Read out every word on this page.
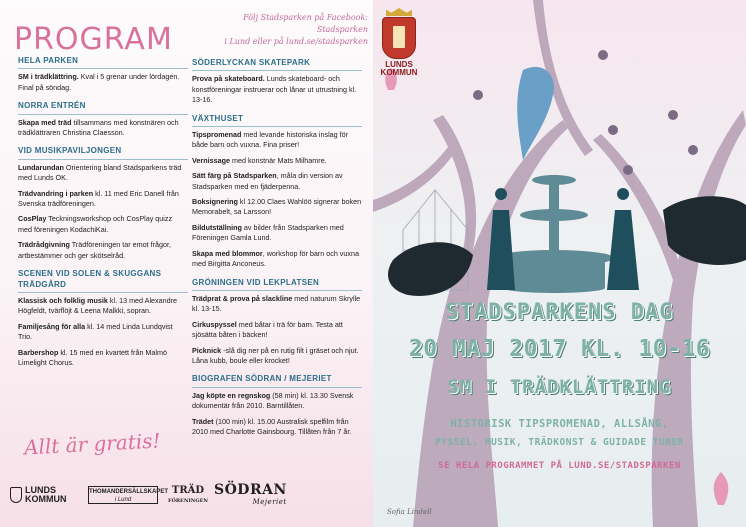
PROGRAM
Följ Stadsparken på Facebook: Stadsparken
i Lund eller på lund.se/stadsparken
HELA PARKEN
SM i trädklättring. Kval i 5 grenar under lördagen. Final på söndag.
NORRA ENTRÉN
Skapa med träd tillsammans med konstnären och trädklättraren Christina Claesson.
VID MUSIKPAVILJONGEN
Lundarundan Orientering bland Stadsparkens träd med Lunds OK.
Trädvandring i parken kl. 11 med Eric Danell från Svenska trädföreningen.
CosPlay Teckningsworkshop och CosPlay quizz med föreningen KodachiKai.
Trädrådgivning Trädföreningen tar emot frågor, artbestämmer och ger skötselråd.
SCENEN VID SOLEN & SKUGGANS TRÄDGÅRD
Klassisk och folklig musik kl. 13 med Alexandre Högfeldt, tvärflöjt & Leena Malkki, sopran.
Familjesång för alla kl. 14 med Linda Lundqvist Trio.
Barbershop kl. 15 med en kvartett från Malmö Limelight Chorus.
SÖDERLYCKAN SKATEPARK
Prova på skateboard. Lunds skateboard- och konstföreningar instruerar och lånar ut utrustning kl. 13-16.
VÄXTHUSET
Tipspromenad med levande historiska inslag för både barn och vuxna. Fina priser!
Vernissage med konstnär Mats Milhamre.
Sätt färg på Stadsparken, måla din version av Stadsparken med en fjäderpenna.
Boksignering kl 12.00 Claes Wahlöö signerar boken Memorabelt, sa Larsson!
Bildutställning av bilder från Stadsparken med Föreningen Gamla Lund.
Skapa med blommor, workshop för barn och vuxna med Birgitta Anconeus.
GRÖNINGEN VID LEKPLATSEN
Trädprat & prova på slackline med naturum Skrylle kl. 13-15.
Cirkuspyssel med båtar i trä för barn. Testa att sjösätta båten i bäcken!
Picknick -slå dig ner på en rutig filt i gräset och njut. Låna kubb, boule eller krocket!
BIOGRAFEN SÖDRAN / MEJERIET
Jag köpte en regnskog (58 min) kl. 13.30 Svensk dokumentär från 2010. Barntillåten.
Trädet (100 min) kl. 15.00 Australisk spelfilm från 2010 med Charlotte Gainsbourg. Tillåten från 7 år.
Allt är gratis!
LUNDS KOMMUN
THOMANDERSÄLLSKAPET
i Lund
TRÄD
FÖRENINGEN
SÖDRAN
Mejeriet
LUNDS KOMMUN
STADSPARKENS DAG
20 MAJ 2017 KL. 10-16
SM I TRÄDKLÄTTRING
HISTORISK TIPSPROMENAD, ALLSÅNG,
PYSSEL, MUSIK, TRÄDKONST & GUIDADE TURER
SE HELA PROGRAMMET PÅ LUND.SE/STADSPARKEN
Sofia Lindell
